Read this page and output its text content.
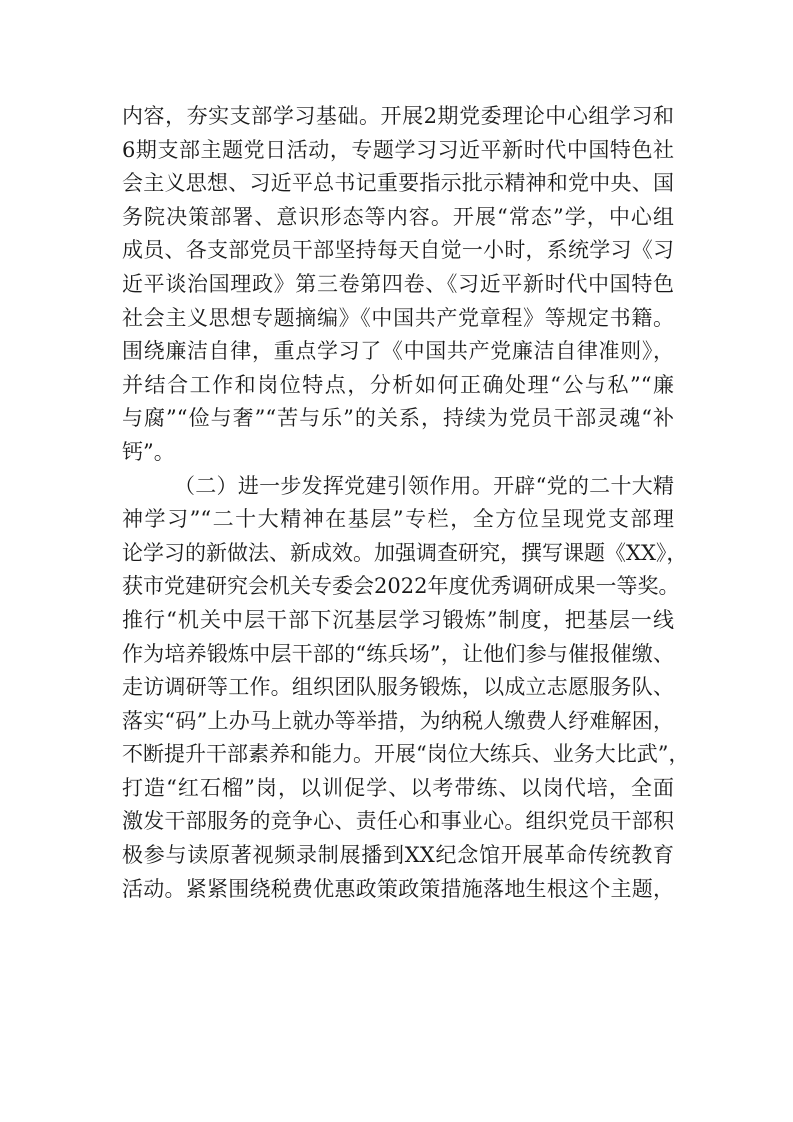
内容，夯实支部学习基础。开展2期党委理论中心组学习和
6期支部主题党日活动，专题学习习近平新时代中国特色社
会主义思想、习近平总书记重要指示批示精神和党中央、国
务院决策部署、意识形态等内容。开展“常态”学，中心组
成员、各支部党员干部坚持每天自觉一小时，系统学习《习
近平谈治国理政》第三卷第四卷、《习近平新时代中国特色
社会主义思想专题摘编》《中国共产党章程》等规定书籍。
围绕廉洁自律，重点学习了《中国共产党廉洁自律准则》，
并结合工作和岗位特点，分析如何正确处理“公与私”“廉
与腐”“俭与奢”“苦与乐”的关系，持续为党员干部灵魂“补
钙”。
（二）进一步发挥党建引领作用。开辟“党的二十大精
神学习”“二十大精神在基层”专栏，全方位呈现党支部理
论学习的新做法、新成效。加强调查研究，撰写课题《XX》，
获市党建研究会机关专委会2022年度优秀调研成果一等奖。
推行“机关中层干部下沉基层学习锻炼”制度，把基层一线
作为培养锻炼中层干部的“练兵场”，让他们参与催报催缴、
走访调研等工作。组织团队服务锻炼，以成立志愿服务队、
落实“码”上办马上就办等举措，为纳税人缴费人纾难解困，
不断提升干部素养和能力。开展“岗位大练兵、业务大比武”，
打造“红石榴”岗，以训促学、以考带练、以岗代培，全面
激发干部服务的竞争心、责任心和事业心。组织党员干部积
极参与读原著视频录制展播到XX纪念馆开展革命传统教育
活动。紧紧围绕税费优惠政策政策措施落地生根这个主题，
